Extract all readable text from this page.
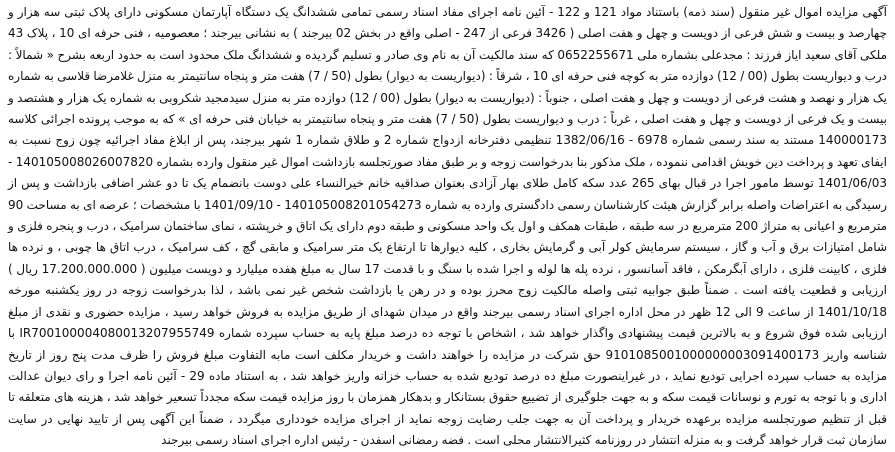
آگهی مزایده اموال غیر منقول (سند ذمه) باستناد مواد 121 و 122 - آئین نامه اجرای مفاد اسناد رسمی تمامی ششدانگ یک دستگاه آپارتمان مسکونی دارای پلاک ثبتی سه هزار و چهارصد و بیست و شش فرعی از دویست و چهل و هفت اصلی ( 3426 فرعی از 247 - اصلی واقع در بخش 02 بیرجند ) به نشانی بیرجند ؛ معصومیه ، فنی حرفه ای 10 ، پلاک 43 ملکی آقای سعید ایاز فرزند : مجدعلی بشماره ملی 0652255671 که سند مالکیت آن به نام وی صادر و تسلیم گردیده و ششدانگ ملک محدود است به حدود اربعه بشرح « شمالاً : درب و دیواریست بطول (00 / 12) دوازده متر به کوچه فنی حرفه ای 10 ، شرقاً : (دیواریست به دیوار) بطول (50 / 7) هفت متر و پنجاه سانتیمتر به منزل غلامرضا قلاسی به شماره یک هزار و نهصد و هشت فرعی از دویست و چهل و هفت اصلی ، جنوباً : (دیواریست به دیوار) بطول (00 / 12) دوازده متر به منزل سیدمجید شکروبی به شماره یک هزار و هشتصد و بیست و یک فرعی از دویست و چهل و هفت اصلی ، غرباً : درب و دیواریست بطول (50 / 7) هفت متر و پنجاه سانتیمتر به خیابان فنی حرفه ای » که به موجب پرونده اجرائی کلاسه 140000173 مستند به سند رسمی شماره 6978 - 1382/06/16 تنظیمی دفترخانه ازدواج شماره 2 و طلاق شماره 1 شهر بیرجند، پس از ابلاغ مفاد اجرائیه چون زوج نسبت به ایفای تعهد و پرداخت دین خویش اقدامی ننموده ، ملک مذکور بنا بدرخواست زوجه و بر طبق مفاد صورتجلسه بازداشت اموال غیر منقول وارده بشماره 140105008026007820 - 1401/06/03 توسط مامور اجرا در قبال بهای 265 عدد سکه کامل طلای بهار آزادی بعنوان صداقیه خانم خیرالنساء علی دوست بانضمام یک تا دو عشر اضافی بازداشت و پس از رسیدگی به اعتراضات واصله برابر گزارش هیئت کارشناسان رسمی دادگستری وارده به شماره 140105008201054273 - 1401/09/10 با مشخصات ؛ عرصه ای به مساحت 90 مترمربع و اعیانی به متراژ 200 مترمربع در سه طبقه ، طبقات همکف و اول یک واحد مسکونی و طبقه دوم دارای یک اتاق و خرپشته ، نمای ساختمان سرامیک ، درب و پنجره فلزی و شامل امتیازات برق و آب و گاز ، سیستم سرمایش کولر آبی و گرمایش بخاری ، کلیه دیوارها تا ارتفاع یک متر سرامیک و مابقی گچ ، کف سرامیک ، درب اتاق ها چوبی ، و نرده ها فلزی ، کابینت فلزی ، دارای آبگرمکن ، فاقد آسانسور ، نرده پله ها لوله و اجرا شده با سنگ و با قدمت 17 سال به مبلغ هفده میلیارد و دویست میلیون ( 17.200.000.000 ریال ) ارزیابی و قطعیت یافته است . ضمناً طبق جوابیه ثبتی واصله مالکیت زوج محرز بوده و در رهن یا بازداشت شخص غیر نمی باشد ، لذا بدرخواست زوجه در روز یکشنبه مورخه 1401/10/18 از ساعت 9 الی 12 ظهر در محل اداره اجرای اسناد رسمی بیرجند واقع در میدان شهدای از طریق مزایده به فروش خواهد رسید ، مزایده حضوری و نقدی از مبلغ ارزیابی شده فوق شروع و به بالاترین قیمت پیشنهادی واگذار خواهد شد ، اشخاص با توجه ده درصد مبلغ پایه به حساب سپرده شماره IR700100004080013207955749 با شناسه واریز 9101085001000000003091400173 حق شرکت در مزایده را خواهند داشت و خریدار مکلف است مابه التفاوت مبلغ فروش را ظرف مدت پنج روز از تاریخ مزایده به حساب سپرده اجرایی تودیع نماید ، در غیراینصورت مبلغ ده درصد تودیع شده به حساب خزانه واریز خواهد شد ، به استناد ماده 29 - آئین نامه اجرا و رای دیوان عدالت اداری و با توجه به تورم و نوسانات قیمت سکه و به جهت جلوگیری از تضییع حقوق بستانکار و بدهکار همزمان با روز مزایده قیمت سکه مجدداً تسعیر خواهد شد ، هزینه های متعلقه تا قبل از تنظیم صورتجلسه مزایده برعهده خریدار و پرداخت آن به جهت جلب رضایت زوجه نماید از اجرای مزایده خودداری میگردد ، ضمناً این آگهی پس از تایید نهایی در سایت سازمان ثبت قرار خواهد گرفت و به منزله انتشار در روزنامه کثیرالانتشار محلی است . فضه رمضانی اسفدن - رئیس اداره اجرای اسناد رسمی بیرجند
